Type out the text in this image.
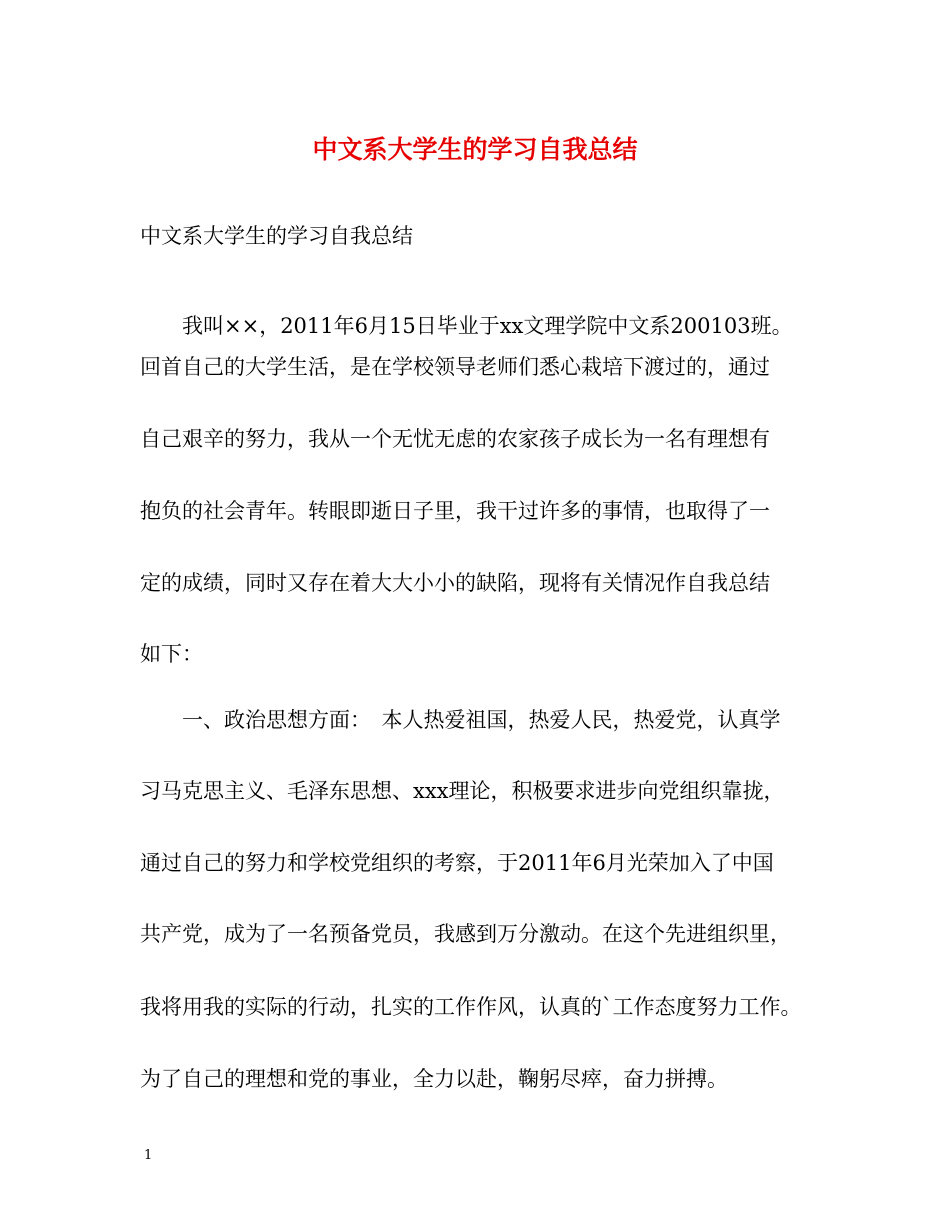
中文系大学生的学习自我总结
中文系大学生的学习自我总结
　　我叫××，2011年6月15日毕业于xx文理学院中文系200103班。
回首自己的大学生活，是在学校领导老师们悉心栽培下渡过的，通过
自己艰辛的努力，我从一个无忧无虑的农家孩子成长为一名有理想有
抱负的社会青年。转眼即逝日子里，我干过许多的事情，也取得了一
定的成绩，同时又存在着大大小小的缺陷，现将有关情况作自我总结
如下：
　　一、政治思想方面：　本人热爱祖国，热爱人民，热爱党，认真学
习马克思主义、毛泽东思想、xxx理论，积极要求进步向党组织靠拢，
通过自己的努力和学校党组织的考察，于2011年6月光荣加入了中国
共产党，成为了一名预备党员，我感到万分激动。在这个先进组织里，
我将用我的实际的行动，扎实的工作作风，认真的`工作态度努力工作。
为了自己的理想和党的事业，全力以赴，鞠躬尽瘁，奋力拼搏。
1
